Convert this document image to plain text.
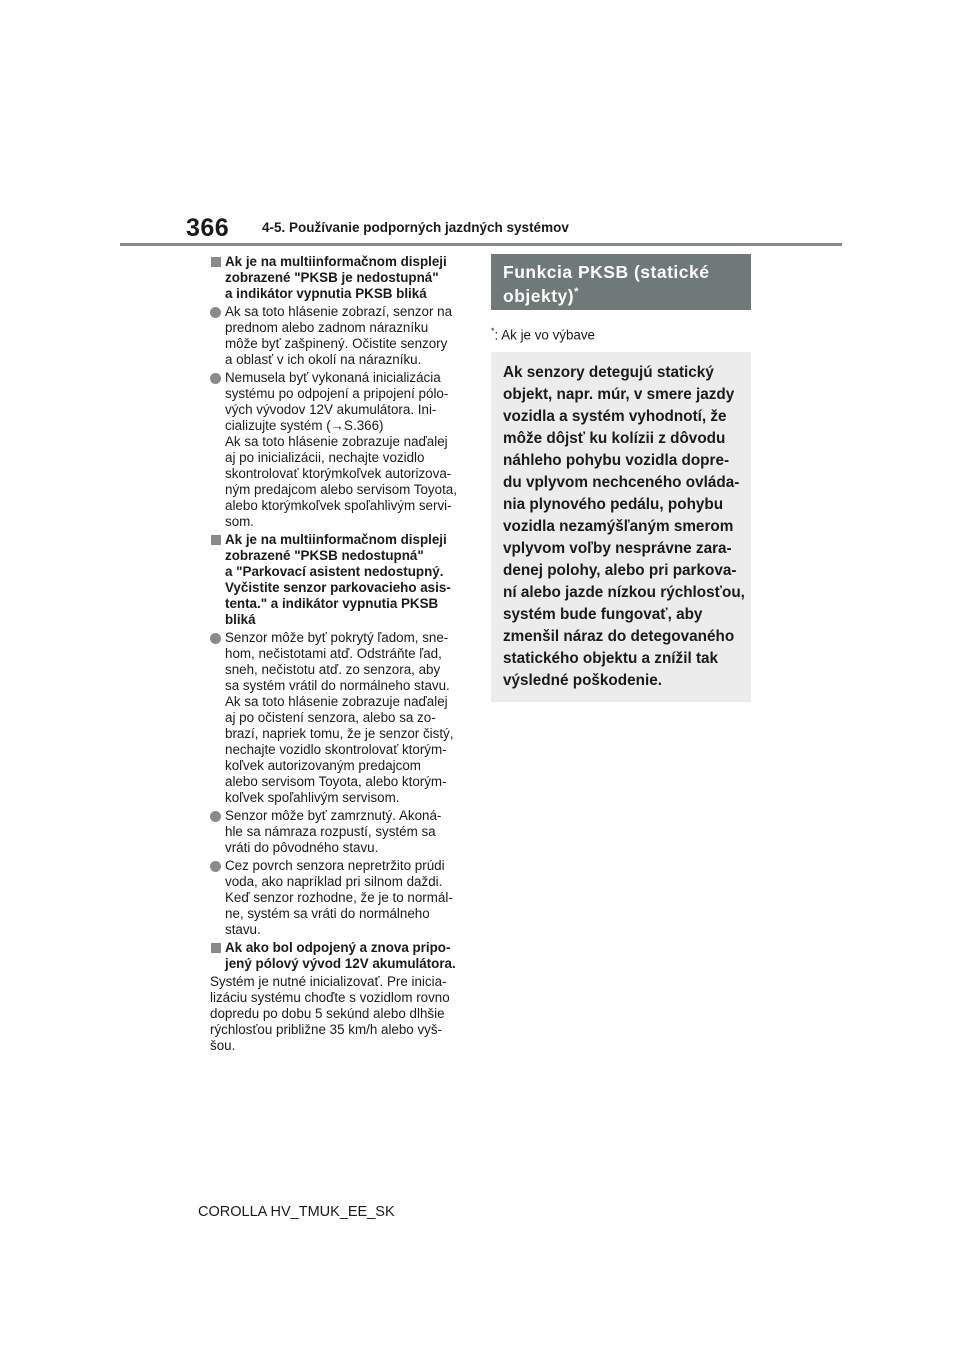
366 4-5. Používanie podporných jazdných systémov
Ak je na multiinformačnom displeji
zobrazené "PKSB je nedostupná"
a indikátor vypnutia PKSB bliká
Ak sa toto hlásenie zobrazí, senzor na
prednom alebo zadnom nárazníku
môže byť zašpinený. Očistite senzory
a oblasť v ich okolí na nárazníku.
Nemusela byť vykonaná inicializácia
systému po odpojení a pripojení pólo-
vých vývodov 12V akumulátora. Ini-
cializujte systém (→S.366)
Ak sa toto hlásenie zobrazuje naďalej
aj po inicializácii, nechajte vozidlo
skontrolovať ktorýmkoľvek autorizova-
ným predajcom alebo servisom Toyota,
alebo ktorýmkoľvek spoľahlivým servi-
som.
Ak je na multiinformačnom displeji
zobrazené "PKSB nedostupná"
a "Parkovací asistent nedostupný.
Vyčistite senzor parkovacieho asis-
tenta." a indikátor vypnutia PKSB
bliká
Senzor môže byť pokrytý ľadom, sne-
hom, nečistotami atď. Odstráňte ľad,
sneh, nečistotu atď. zo senzora, aby
sa systém vrátil do normálneho stavu.
Ak sa toto hlásenie zobrazuje naďalej
aj po očistení senzora, alebo sa zo-
brazí, napriek tomu, že je senzor čistý,
nechajte vozidlo skontrolovať ktorým-
koľvek autorizovaným predajcom
alebo servisom Toyota, alebo ktorým-
koľvek spoľahlivým servisom.
Senzor môže byť zamrznutý. Akoná-
hle sa námraza rozpustí, systém sa
vráti do pôvodného stavu.
Cez povrch senzora nepretržito prúdi
voda, ako napríklad pri silnom daždi.
Keď senzor rozhodne, že je to normál-
ne, systém sa vráti do normálneho
stavu.
Ak ako bol odpojený a znova pripo-
jený pólový vývod 12V akumulátora.
Systém je nutné inicializovať. Pre inicia-
lizáciu systému choďte s vozidlom rovno
dopredu po dobu 5 sekúnd alebo dlhšie
rýchlosťou približne 35 km/h alebo vyš-
šou.
Funkcia PKSB (statické
objekty)*
*: Ak je vo výbave
Ak senzory detegujú statický
objekt, napr. múr, v smere jazdy
vozidla a systém vyhodnotí, že
môže dôjsť ku kolízii z dôvodu
náhleho pohybu vozidla dopre-
du vplyvom nechceného ovláda-
nia plynového pedálu, pohybu
vozidla nezamýšľaným smerom
vplyvom voľby nesprávne zara-
denej polohy, alebo pri parkova-
ní alebo jazde nízkou rýchlosťou,
systém bude fungovať, aby
zmenšil náraz do detegovaného
statického objektu a znížil tak
výsledné poškodenie.
COROLLA HV_TMUK_EE_SK
